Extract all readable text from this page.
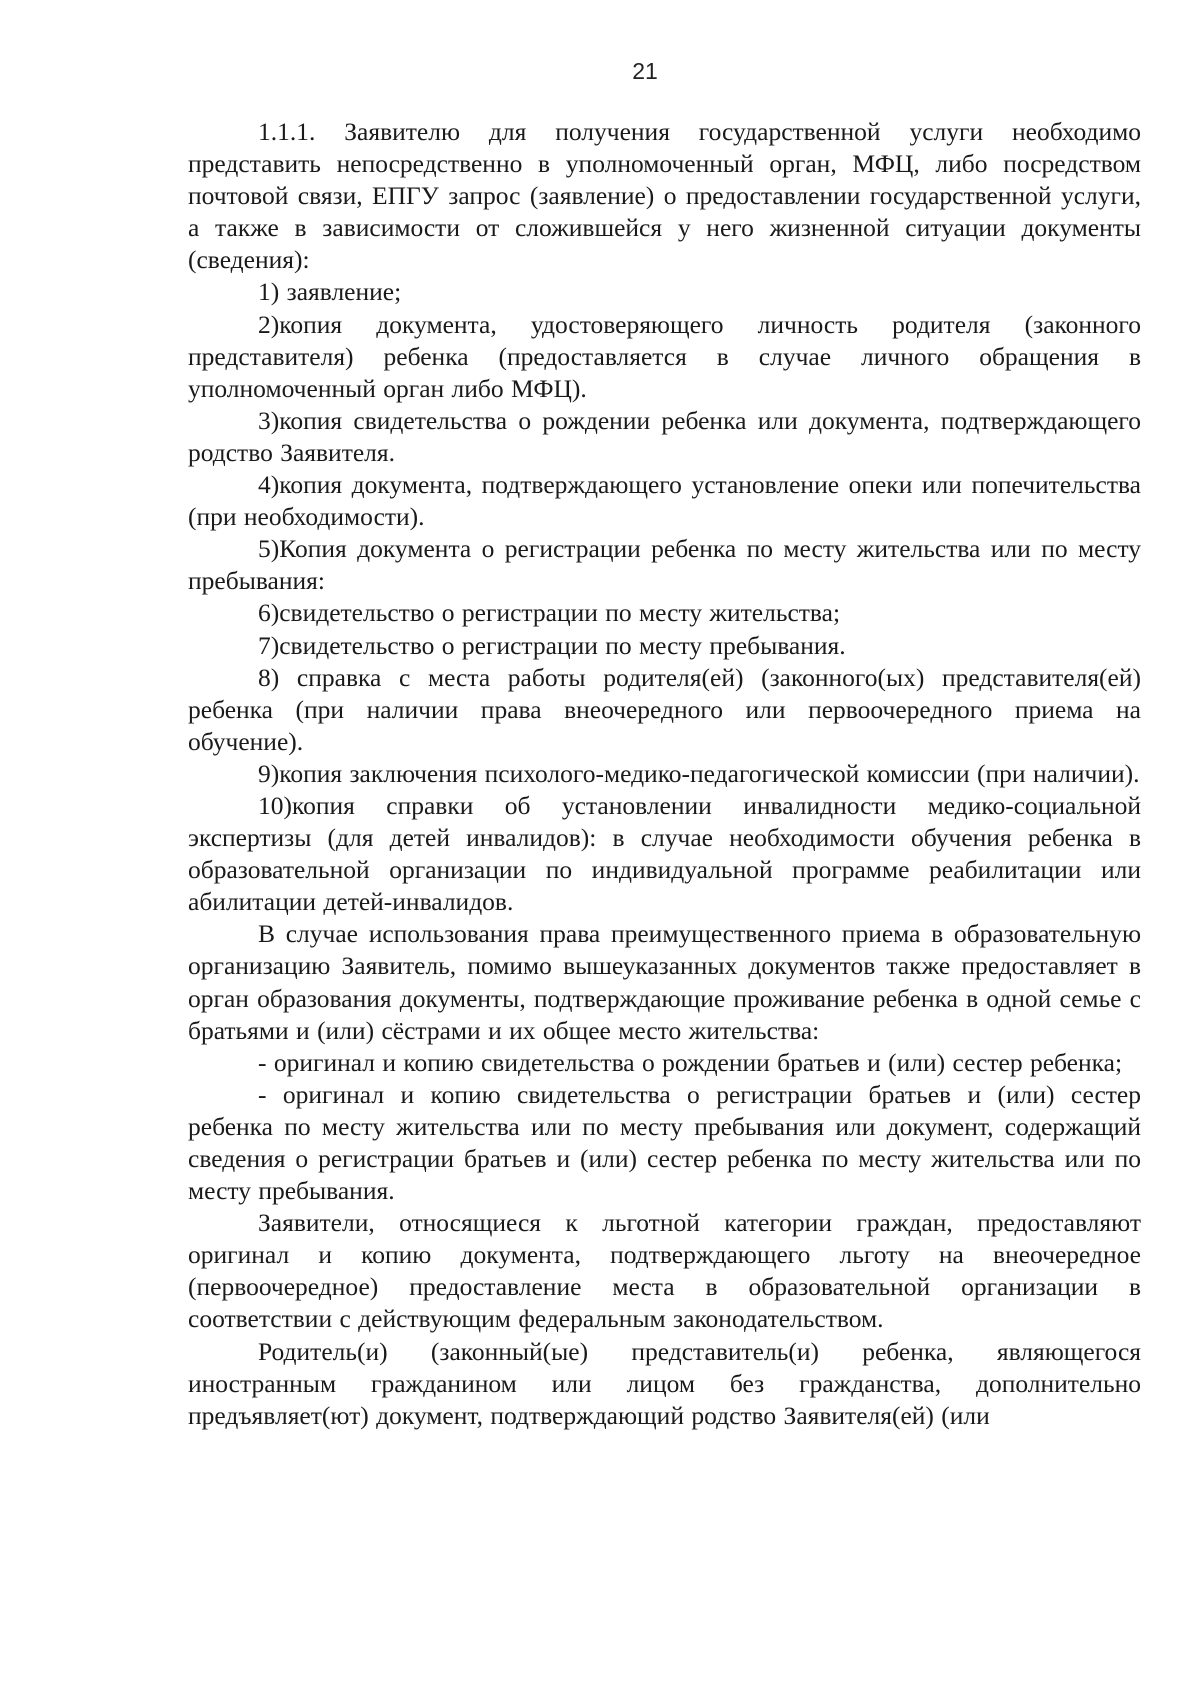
21

1.1.1. Заявителю для получения государственной услуги необходимо представить непосредственно в уполномоченный орган, МФЦ, либо посредством почтовой связи, ЕПГУ запрос (заявление) о предоставлении государственной услуги, а также в зависимости от сложившейся у него жизненной ситуации документы (сведения):

1) заявление;

2)копия документа, удостоверяющего личность родителя (законного представителя) ребенка (предоставляется в случае личного обращения в уполномоченный орган либо МФЦ).

3)копия свидетельства о рождении ребенка или документа, подтверждающего родство Заявителя.

4)копия документа, подтверждающего установление опеки или попечительства (при необходимости).

5)Копия документа о регистрации ребенка по месту жительства или по месту пребывания:

6)свидетельство о регистрации по месту жительства;

7)свидетельство о регистрации по месту пребывания.

8) справка с места работы родителя(ей) (законного(ых) представителя(ей) ребенка (при наличии права внеочередного или первоочередного приема на обучение).

9)копия заключения психолого-медико-педагогической комиссии (при наличии).

10)копия справки об установлении инвалидности медико-социальной экспертизы (для детей инвалидов): в случае необходимости обучения ребенка в образовательной организации по индивидуальной программе реабилитации или абилитации детей-инвалидов.

В случае использования права преимущественного приема в образовательную организацию Заявитель, помимо вышеуказанных документов также предоставляет в орган образования документы, подтверждающие проживание ребенка в одной семье с братьями и (или) сёстрами и их общее место жительства:

- оригинал и копию свидетельства о рождении братьев и (или) сестер ребенка;

- оригинал и копию свидетельства о регистрации братьев и (или) сестер ребенка по месту жительства или по месту пребывания или документ, содержащий сведения о регистрации братьев и (или) сестер ребенка по месту жительства или по месту пребывания.

Заявители, относящиеся к льготной категории граждан, предоставляют оригинал и копию документа, подтверждающего льготу на внеочередное (первоочередное) предоставление места в образовательной организации в соответствии с действующим федеральным законодательством.

Родитель(и) (законный(ые) представитель(и) ребенка, являющегося иностранным гражданином или лицом без гражданства, дополнительно предъявляет(ют) документ, подтверждающий родство Заявителя(ей) (или
